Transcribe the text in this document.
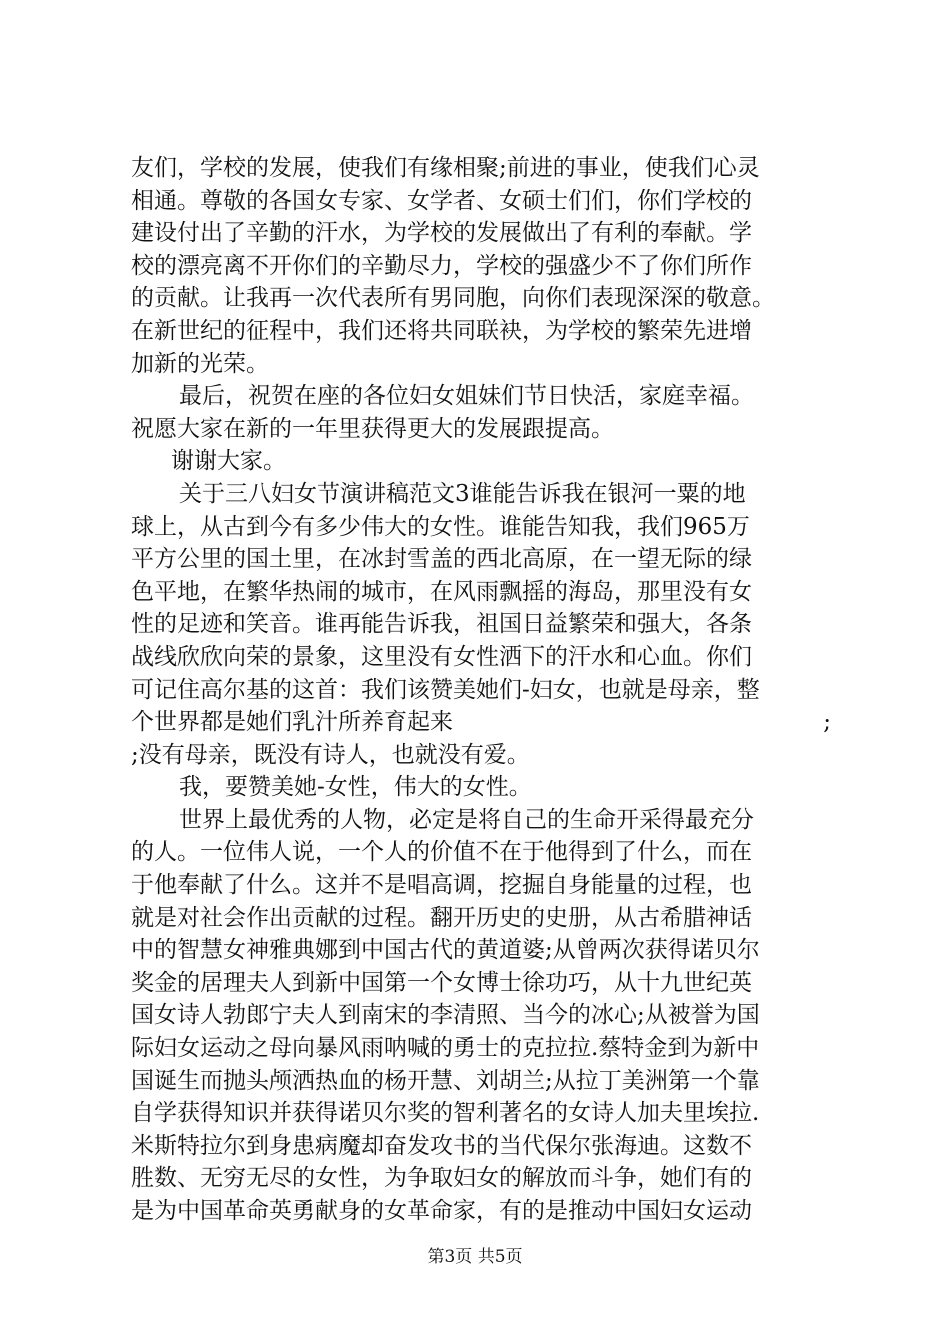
友们，学校的发展，使我们有缘相聚;前进的事业，使我们心灵
相通。尊敬的各国女专家、女学者、女硕士们们，你们学校的
建设付出了辛勤的汗水，为学校的发展做出了有利的奉献。学
校的漂亮离不开你们的辛勤尽力，学校的强盛少不了你们所作
的贡献。让我再一次代表所有男同胞，向你们表现深深的敬意。
在新世纪的征程中，我们还将共同联袂，为学校的繁荣先进增
加新的光荣。
最后，祝贺在座的各位妇女姐妹们节日快活，家庭幸福。
祝愿大家在新的一年里获得更大的发展跟提高。
谢谢大家。
关于三八妇女节演讲稿范文3谁能告诉我在银河一粟的地
球上，从古到今有多少伟大的女性。谁能告知我，我们965万
平方公里的国土里，在冰封雪盖的西北高原，在一望无际的绿
色平地，在繁华热闹的城市，在风雨飘摇的海岛，那里没有女
性的足迹和笑音。谁再能告诉我，祖国日益繁荣和强大，各条
战线欣欣向荣的景象，这里没有女性洒下的汗水和心血。你们
可记住高尔基的这首：我们该赞美她们-妇女，也就是母亲，整
个世界都是她们乳汁所养育起来	;
;没有母亲，既没有诗人，也就没有爱。
我，要赞美她-女性，伟大的女性。
世界上最优秀的人物，必定是将自己的生命开采得最充分
的人。一位伟人说，一个人的价值不在于他得到了什么，而在
于他奉献了什么。这并不是唱高调，挖掘自身能量的过程，也
就是对社会作出贡献的过程。翻开历史的史册，从古希腊神话
中的智慧女神雅典娜到中国古代的黄道婆;从曾两次获得诺贝尔
奖金的居理夫人到新中国第一个女博士徐功巧，从十九世纪英
国女诗人勃郎宁夫人到南宋的李清照、当今的冰心;从被誉为国
际妇女运动之母向暴风雨呐喊的勇士的克拉拉.蔡特金到为新中
国诞生而抛头颅洒热血的杨开慧、刘胡兰;从拉丁美洲第一个靠
自学获得知识并获得诺贝尔奖的智利著名的女诗人加夫里埃拉.
米斯特拉尔到身患病魔却奋发攻书的当代保尔张海迪。这数不
胜数、无穷无尽的女性，为争取妇女的解放而斗争，她们有的
是为中国革命英勇献身的女革命家，有的是推动中国妇女运动
第3页 共5页
